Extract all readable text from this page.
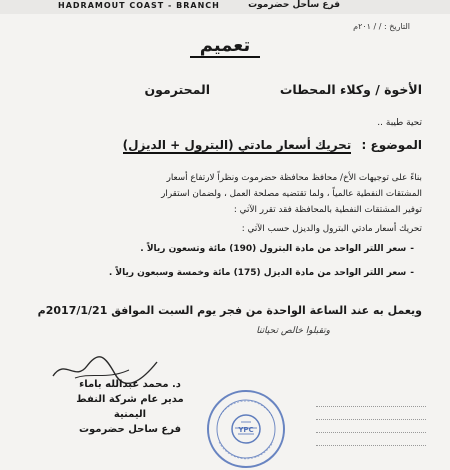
HADRAMOUT COAST - BRANCH	فرع ساحل حضرموت
التاريخ : / / ٢٠١م
تعميم
الأخوة / وكلاء المحطات
المحترمون
تحية طيبة ..
الموضوع : تحريك أسعار مادتي (البترول + الديزل)
بناءً على توجيهات الأخ/ محافظ محافظة حضرموت ونظراً لارتفاع أسعار
المشتقات النفطية عالمياً ، ولما تقتضيه مصلحة العمل ، ولضمان استقرار
توفير المشتقات النفطية بالمحافظة فقد تقرر الآتي :
تحريك أسعار مادتي البترول والديزل حسب الآتي :
-سعر اللتر الواحد من مادة البترول (190) مائة وتسعون ريالاً .
-سعر اللتر الواحد من مادة الديزل (175) مائة وخمسة وسبعون ريالاً .
ويعمل به عند الساعة الواحدة من فجر يوم السبت الموافق 2017/1/21م
وتقبلوا خالص تحياتنا
د. محمد عبدالله باماء
مدير عام شركة النفط اليمنية
فرع ساحل حضرموت	YPC
